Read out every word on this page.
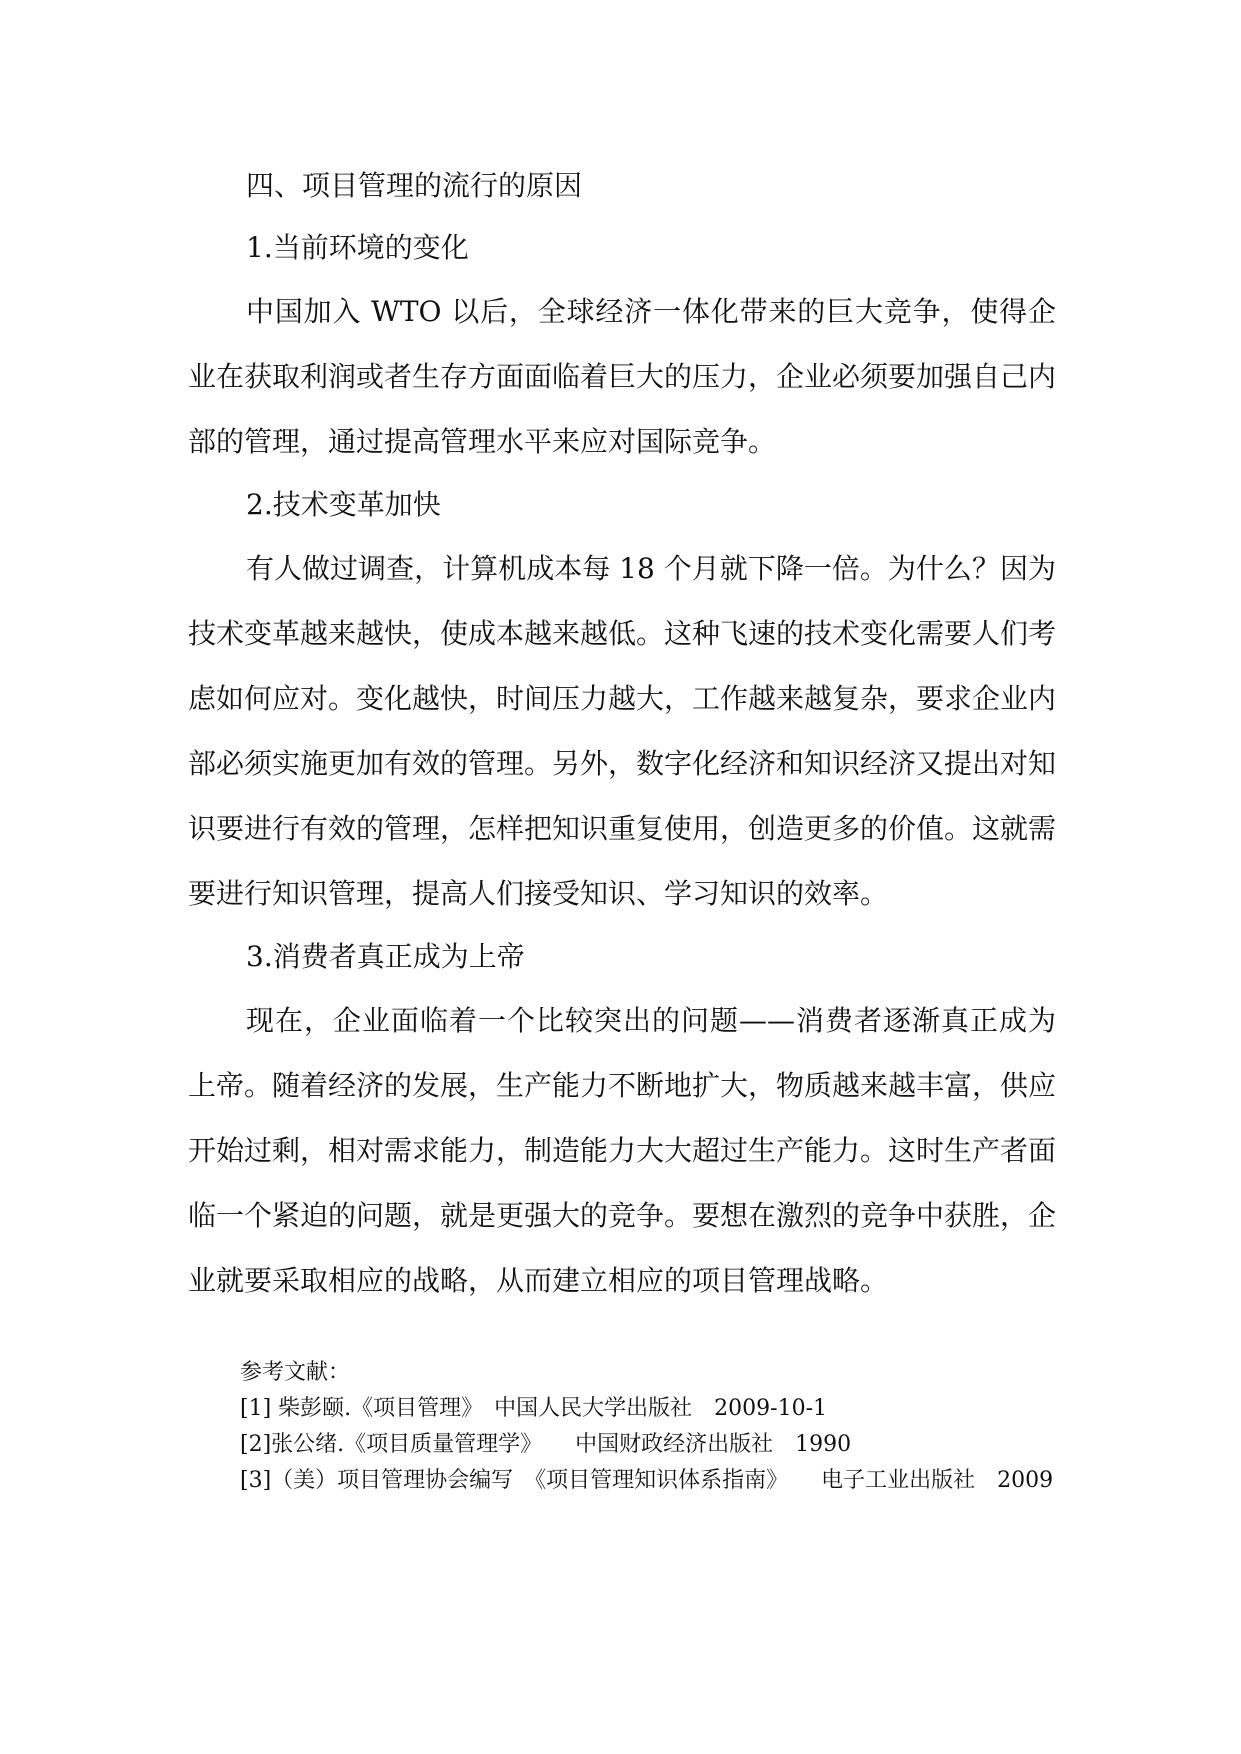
四、项目管理的流行的原因

1.当前环境的变化

中国加入 WTO 以后，全球经济一体化带来的巨大竞争，使得企业在获取利润或者生存方面面临着巨大的压力，企业必须要加强自己内部的管理，通过提高管理水平来应对国际竞争。

2.技术变革加快

有人做过调查，计算机成本每 18 个月就下降一倍。为什么？因为技术变革越来越快，使成本越来越低。这种飞速的技术变化需要人们考虑如何应对。变化越快，时间压力越大，工作越来越复杂，要求企业内部必须实施更加有效的管理。另外，数字化经济和知识经济又提出对知识要进行有效的管理，怎样把知识重复使用，创造更多的价值。这就需要进行知识管理，提高人们接受知识、学习知识的效率。

3.消费者真正成为上帝

现在，企业面临着一个比较突出的问题——消费者逐渐真正成为上帝。随着经济的发展，生产能力不断地扩大，物质越来越丰富，供应开始过剩，相对需求能力，制造能力大大超过生产能力。这时生产者面临一个紧迫的问题，就是更强大的竞争。要想在激烈的竞争中获胜，企业就要采取相应的战略，从而建立相应的项目管理战略。

参考文献：

[1] 柴彭颐.《项目管理》　中国人民大学出版社　2009-10-1

[2]张公绪.《项目质量管理学》　　中国财政经济出版社　1990

[3]（美）项目管理协会编写　《项目管理知识体系指南》　　电子工业出版社　2009
